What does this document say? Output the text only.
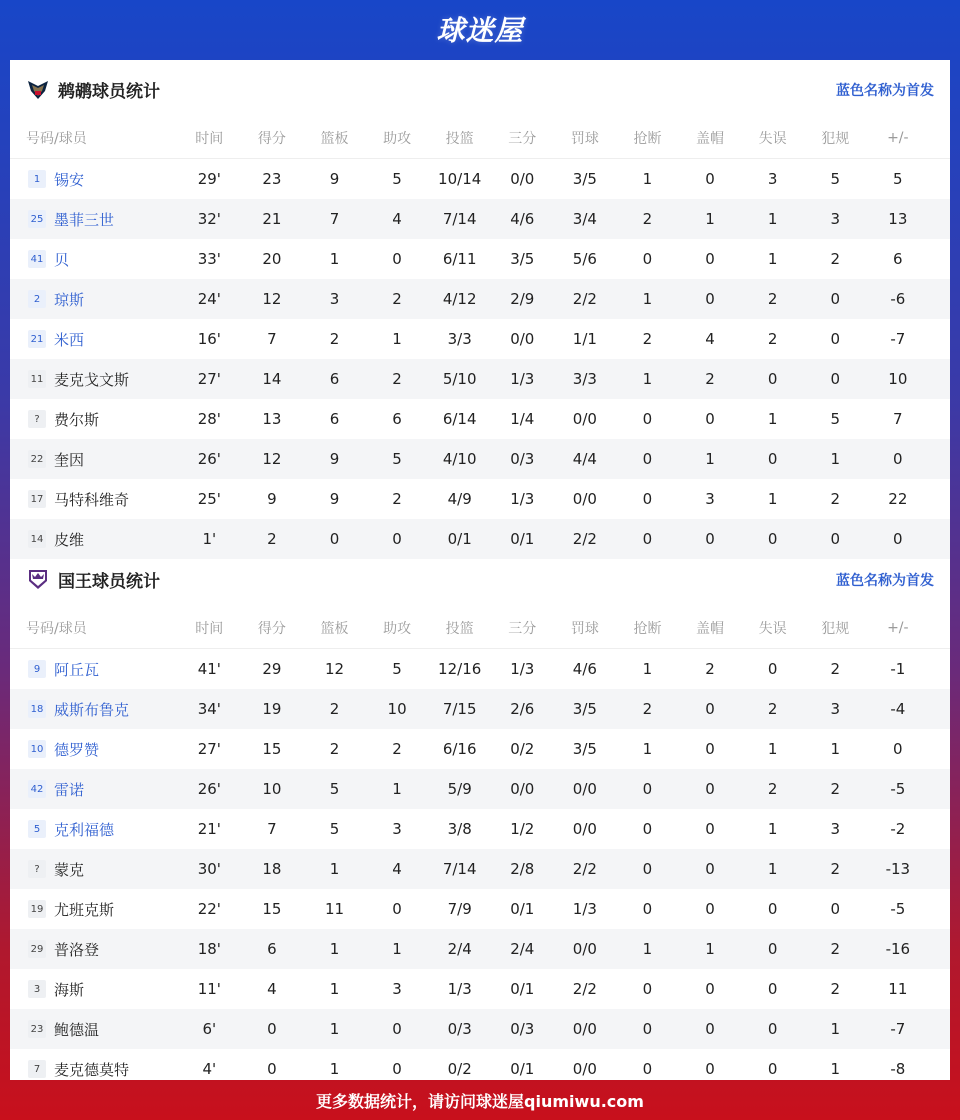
球迷屋
鹈鹕球员统计	蓝色名称为首发
号码/球员	时间	得分	篮板	助攻	投篮	三分	罚球	抢断	盖帽	失误	犯规	+/-
1 锡安	29'	23	9	5	10/14	0/0	3/5	1	0	3	5	5
25 墨菲三世	32'	21	7	4	7/14	4/6	3/4	2	1	1	3	13
41 贝	33'	20	1	0	6/11	3/5	5/6	0	0	1	2	6
2 琼斯	24'	12	3	2	4/12	2/9	2/2	1	0	2	0	-6
21 米西	16'	7	2	1	3/3	0/0	1/1	2	4	2	0	-7
11 麦克戈文斯	27'	14	6	2	5/10	1/3	3/3	1	2	0	0	10
? 费尔斯	28'	13	6	6	6/14	1/4	0/0	0	0	1	5	7
22 奎因	26'	12	9	5	4/10	0/3	4/4	0	1	0	1	0
17 马特科维奇	25'	9	9	2	4/9	1/3	0/0	0	3	1	2	22
14 皮维	1'	2	0	0	0/1	0/1	2/2	0	0	0	0	0
国王球员统计	蓝色名称为首发
号码/球员	时间	得分	篮板	助攻	投篮	三分	罚球	抢断	盖帽	失误	犯规	+/-
9 阿丘瓦	41'	29	12	5	12/16	1/3	4/6	1	2	0	2	-1
18 威斯布鲁克	34'	19	2	10	7/15	2/6	3/5	2	0	2	3	-4
10 德罗赞	27'	15	2	2	6/16	0/2	3/5	1	0	1	1	0
42 雷诺	26'	10	5	1	5/9	0/0	0/0	0	0	2	2	-5
5 克利福德	21'	7	5	3	3/8	1/2	0/0	0	0	1	3	-2
? 蒙克	30'	18	1	4	7/14	2/8	2/2	0	0	1	2	-13
19 尤班克斯	22'	15	11	0	7/9	0/1	1/3	0	0	0	0	-5
29 普洛登	18'	6	1	1	2/4	2/4	0/0	1	1	0	2	-16
3 海斯	11'	4	1	3	1/3	0/1	2/2	0	0	0	2	11
23 鲍德温	6'	0	1	0	0/3	0/3	0/0	0	0	0	1	-7
7 麦克德莫特	4'	0	1	0	0/2	0/1	0/0	0	0	0	1	-8
更多数据统计，请访问球迷屋qiumiwu.com
